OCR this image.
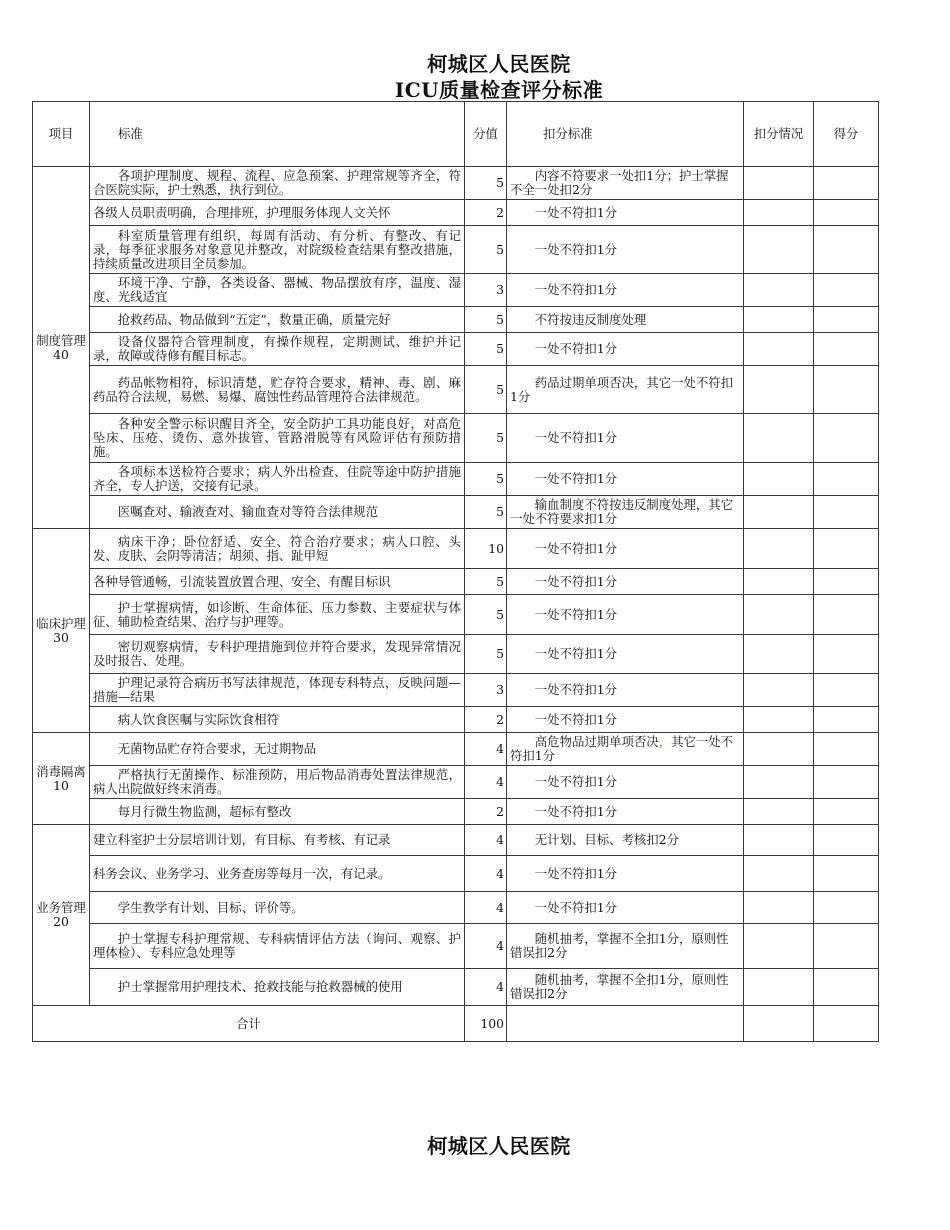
柯城区人民医院
ICU质量检查评分标准
项目	标准	分值	扣分标准	扣分情况	得分
制度管理40	各项护理制度、规程、流程、应急预案、护理常规等齐全，符合医院实际，护士熟悉，执行到位。	5	内容不符要求一处扣1分；护士掌握不全一处扣2分		
	各级人员职责明确，合理排班，护理服务体现人文关怀	2	一处不符扣1分		
	科室质量管理有组织，每周有活动、有分析、有整改、有记录，每季征求服务对象意见并整改，对院级检查结果有整改措施，持续质量改进项目全员参加。	5	一处不符扣1分		
	环境干净、宁静，各类设备、器械、物品摆放有序，温度、湿度、光线适宜	3	一处不符扣1分		
	抢救药品、物品做到“五定”，数量正确，质量完好	5	不符按违反制度处理		
	设备仪器符合管理制度，有操作规程，定期测试、维护并记录，故障或待修有醒目标志。	5	一处不符扣1分		
	药品帐物相符，标识清楚，贮存符合要求，精神、毒、剧、麻药品符合法规，易燃、易爆、腐蚀性药品管理符合法律规范。	5	药品过期单项否决，其它一处不符扣1分		
	各种安全警示标识醒目齐全，安全防护工具功能良好，对高危坠床、压疮、烫伤、意外拔管、管路滑脱等有风险评估有预防措施。	5	一处不符扣1分		
	各项标本送检符合要求；病人外出检查、住院等途中防护措施齐全，专人护送，交接有记录。	5	一处不符扣1分		
	医嘱查对、输液查对、输血查对等符合法律规范	5	输血制度不符按违反制度处理，其它一处不符要求扣1分		
临床护理30	病床干净；卧位舒适、安全、符合治疗要求；病人口腔、头发、皮肤、会阴等清洁；胡须、指、趾甲短	10	一处不符扣1分		
	各种导管通畅，引流装置放置合理、安全、有醒目标识	5	一处不符扣1分		
	护士掌握病情，如诊断、生命体征、压力参数、主要症状与体征、辅助检查结果、治疗与护理等。	5	一处不符扣1分		
	密切观察病情，专科护理措施到位并符合要求，发现异常情况及时报告、处理。	5	一处不符扣1分		
	护理记录符合病历书写法律规范，体现专科特点，反映问题—措施—结果	3	一处不符扣1分		
	病人饮食医嘱与实际饮食相符	2	一处不符扣1分		
消毒隔离10	无菌物品贮存符合要求，无过期物品	4	高危物品过期单项否决，其它一处不符扣1分		
	严格执行无菌操作、标准预防，用后物品消毒处置法律规范，病人出院做好终末消毒。	4	一处不符扣1分		
	每月行微生物监测，超标有整改	2	一处不符扣1分		
业务管理20	建立科室护士分层培训计划，有目标、有考核、有记录	4	无计划、目标、考核扣2分		
	科务会议、业务学习、业务查房等每月一次，有记录。	4	一处不符扣1分		
	学生教学有计划、目标、评价等。	4	一处不符扣1分		
	护士掌握专科护理常规、专科病情评估方法（询问、观察、护理体检）、专科应急处理等	4	随机抽考，掌握不全扣1分，原则性错误扣2分		
	护士掌握常用护理技术、抢救技能与抢救器械的使用	4	随机抽考，掌握不全扣1分，原则性错误扣2分		
合计		100			
柯城区人民医院
